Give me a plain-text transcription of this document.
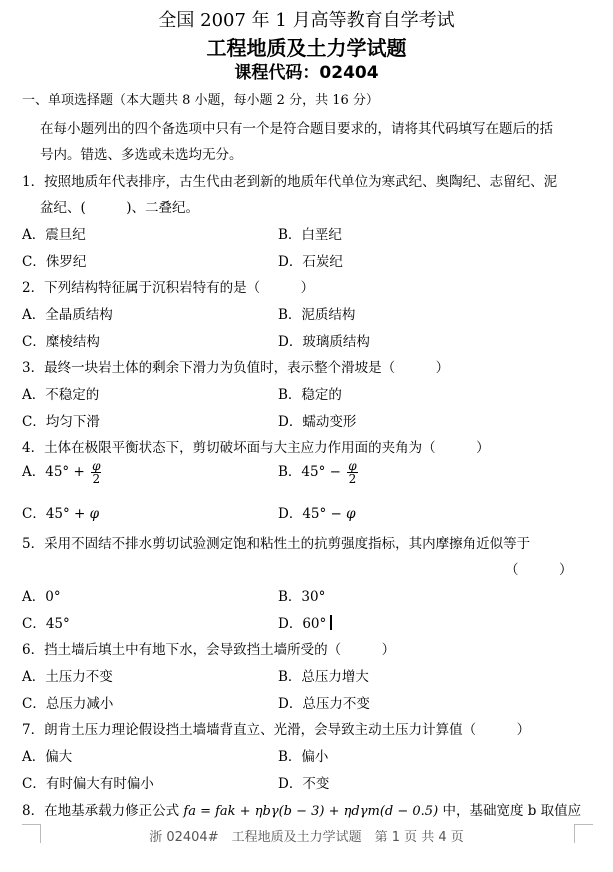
全国 2007 年 1 月高等教育自学考试
工程地质及土力学试题
课程代码：02404
一、单项选择题（本大题共 8 小题，每小题 2 分，共 16 分）
在每小题列出的四个备选项中只有一个是符合题目要求的，请将其代码填写在题后的括
号内。错选、多选或未选均无分。
1．按照地质年代表排序，古生代由老到新的地质年代单位为寒武纪、奥陶纪、志留纪、泥
盆纪、(　　　)、二叠纪。
A．震旦纪	B．白垩纪
C．侏罗纪	D．石炭纪
2．下列结构特征属于沉积岩特有的是（　　　）
A．全晶质结构	B．泥质结构
C．糜棱结构	D．玻璃质结构
3．最终一块岩土体的剩余下滑力为负值时，表示整个滑坡是（　　　）
A．不稳定的	B．稳定的
C．均匀下滑	D．蠕动变形
4．土体在极限平衡状态下，剪切破坏面与大主应力作用面的夹角为（　　　）
A．$45^\circ + \frac{\varphi}{2}$	B．$45^\circ - \frac{\varphi}{2}$
C．45° + φ	D．45° − φ
5．采用不固结不排水剪切试验测定饱和粘性土的抗剪强度指标，其内摩擦角近似等于
（　　　）
A．0°	B．30°
C．45°	D．60°
6．挡土墙后填土中有地下水，会导致挡土墙所受的（　　　）
A．土压力不变	B．总压力增大
C．总压力减小	D．总压力不变
7．朗肯土压力理论假设挡土墙墙背直立、光滑，会导致主动土压力计算值（　　　）
A．偏大	B．偏小
C．有时偏大有时偏小	D．不变
8．在地基承载力修正公式 fa = fak + ηbγ(b − 3) + ηdγm(d − 0.5) 中，基础宽度 b 取值应
浙 02404#　工程地质及土力学试题　第 1 页 共 4 页
